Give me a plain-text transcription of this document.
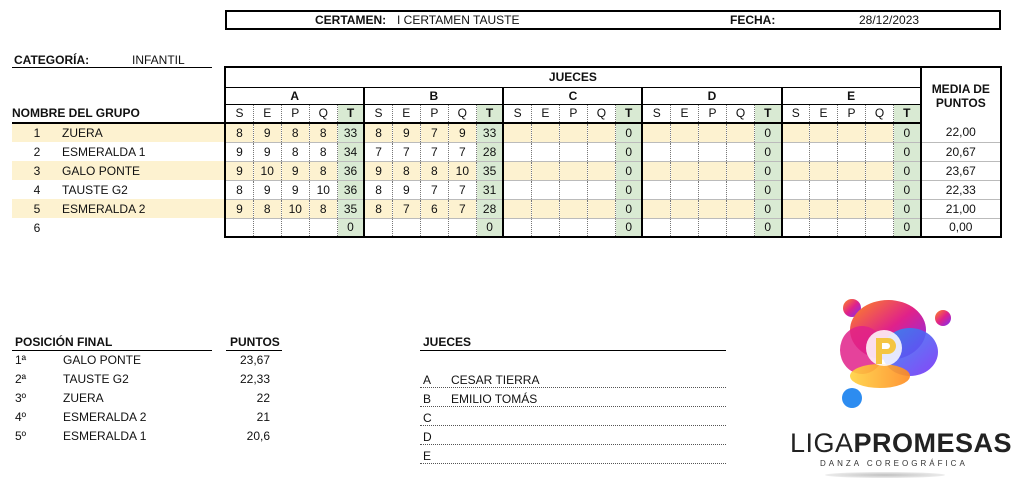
CERTAMEN: I CERTAMEN TAUSTE	FECHA:	28/12/2023
CATEGORÍA:	INFANTIL
		JUECES																									MEDIA DE PUNTOS

		A					B					C					D					E					
NOMBRE DEL GRUPO		S	E	P	Q	T	S	E	P	Q	T	S	E	P	Q	T	S	E	P	Q	T	S	E	P	Q	T	
1	ZUERA	8	9	8	8	33	8	9	7	9	33					0					0					0	22,00
2	ESMERALDA 1	9	9	8	8	34	7	7	7	7	28					0					0					0	20,67
3	GALO PONTE	9	10	9	8	36	9	8	8	10	35					0					0					0	23,67
4	TAUSTE G2	8	9	9	10	36	8	9	7	7	31					0					0					0	22,33
5	ESMERALDA 2	9	8	10	8	35	8	7	6	7	28					0					0					0	21,00
6						0					0					0					0					0	0,00
POSICIÓN FINAL	PUNTOS
1ª	GALO PONTE	23,67
2ª	TAUSTE G2	22,33
3º	ZUERA	22
4º	ESMERALDA 2	21
5º	ESMERALDA 1	20,6
JUECES
A CESAR TIERRA
B EMILIO TOMÁS
C
D
E	LIGAPROMESAS
DANZA COREOGRÁFICA
